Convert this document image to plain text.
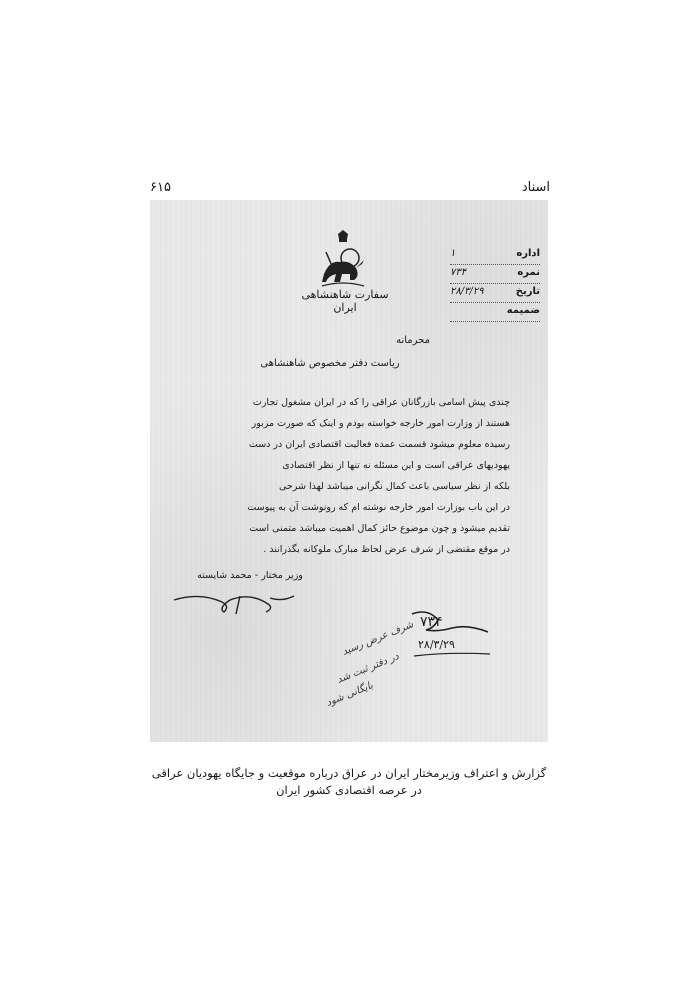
۶۱۵	اسناد
سفارت شاهنشاهی ایران
اداره
۱
نمره
۷۳۴
تاریخ
۲۸/۳/۲۹
ضمیمه
محرمانه
ریاست دفتر مخصوص شاهنشاهی
چندی پیش اسامی بازرگانان عراقی را که در ایران مشغول تجارت
هستند از وزارت امور خارجه خواسته بودم و اینک که صورت مزبور
رسیده معلوم میشود قسمت عمده فعالیت اقتصادی ایران در دست
یهودیهای عراقی است و این مسئله نه تنها از نظر اقتصادی
بلکه از نظر سیاسی باعث کمال نگرانی میباشد لهذا شرحی
در این باب بوزارت امور خارجه نوشته ام که رونوشت آن به پیوست
تقدیم میشود و چون موضوع حائز کمال اهمیت میباشد متمنی است
در موقع مقتضی از شرف عرض لحاظ مبارک ملوکانه بگذرانند .
وزیر مختار - محمد شایسته
۷۳۴
۲۸/۳/۲۹
شرف عرض رسید
در دفتر ثبت شد
بایگانی شود
گزارش و اعتراف وزیرمختار ایران در عراق درباره موقعیت و جایگاه یهودیان عراقی
در عرصه اقتصادی کشور ایران
